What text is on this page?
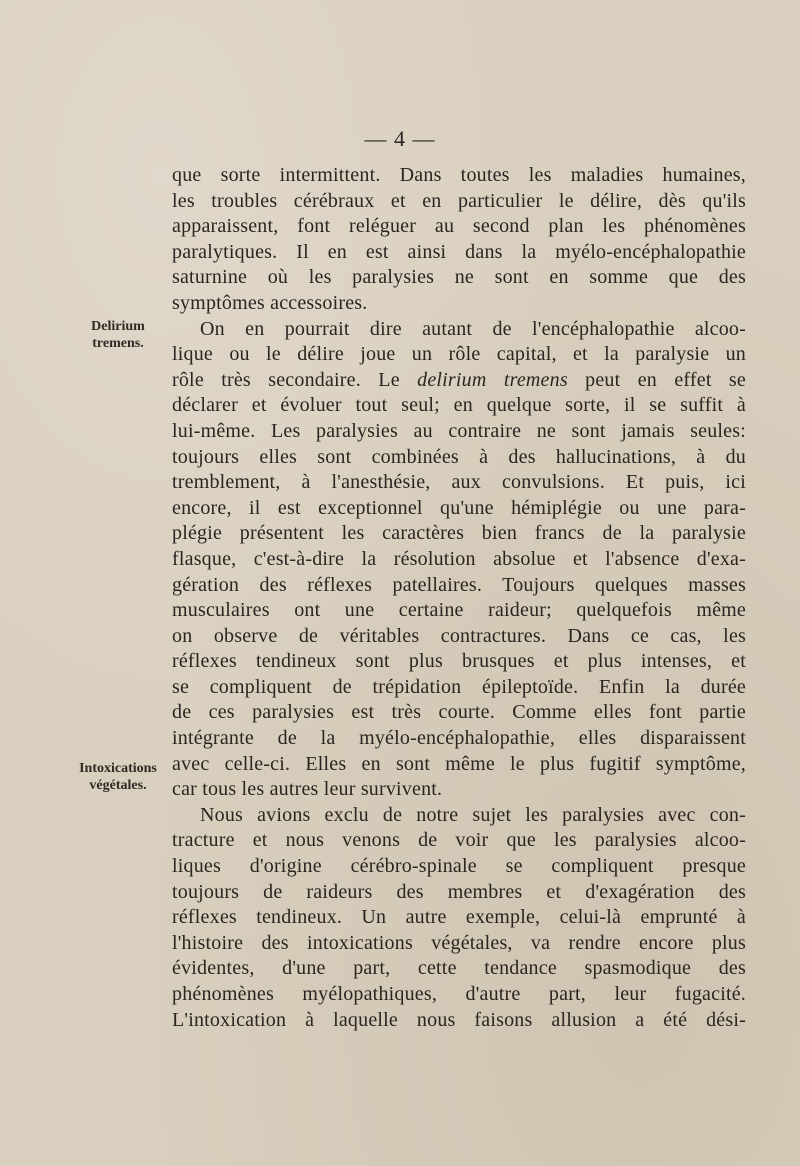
— 4 —
Delirium
tremens.
Intoxications
végétales.
que sorte intermittent. Dans toutes les maladies humaines,
les troubles cérébraux et en particulier le délire, dès qu'ils
apparaissent, font reléguer au second plan les phénomènes
paralytiques. Il en est ainsi dans la myélo-encéphalopathie
saturnine où les paralysies ne sont en somme que des
symptômes accessoires.
On en pourrait dire autant de l'encéphalopathie alcoo-
lique ou le délire joue un rôle capital, et la paralysie un
rôle très secondaire. Le delirium tremens peut en effet se
déclarer et évoluer tout seul; en quelque sorte, il se suffit à
lui-même. Les paralysies au contraire ne sont jamais seules:
toujours elles sont combinées à des hallucinations, à du
tremblement, à l'anesthésie, aux convulsions. Et puis, ici
encore, il est exceptionnel qu'une hémiplégie ou une para-
plégie présentent les caractères bien francs de la paralysie
flasque, c'est-à-dire la résolution absolue et l'absence d'exa-
gération des réflexes patellaires. Toujours quelques masses
musculaires ont une certaine raideur; quelquefois même
on observe de véritables contractures. Dans ce cas, les
réflexes tendineux sont plus brusques et plus intenses, et
se compliquent de trépidation épileptoïde. Enfin la durée
de ces paralysies est très courte. Comme elles font partie
intégrante de la myélo-encéphalopathie, elles disparaissent
avec celle-ci. Elles en sont même le plus fugitif symptôme,
car tous les autres leur survivent.
Nous avions exclu de notre sujet les paralysies avec con-
tracture et nous venons de voir que les paralysies alcoo-
liques d'origine cérébro-spinale se compliquent presque
toujours de raideurs des membres et d'exagération des
réflexes tendineux. Un autre exemple, celui-là emprunté à
l'histoire des intoxications végétales, va rendre encore plus
évidentes, d'une part, cette tendance spasmodique des
phénomènes myélopathiques, d'autre part, leur fugacité.
L'intoxication à laquelle nous faisons allusion a été dési-
